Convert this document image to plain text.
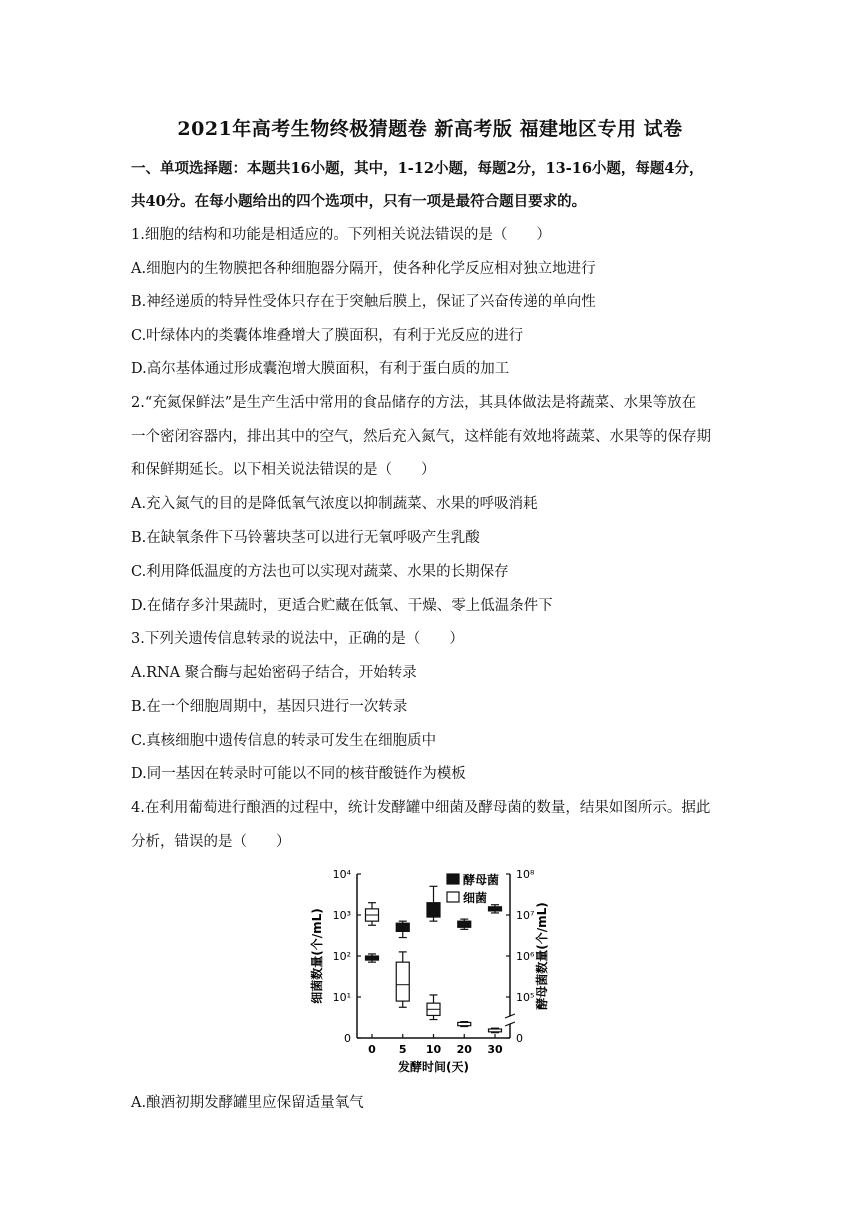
2021年高考生物终极猜题卷 新高考版 福建地区专用 试卷
一、单项选择题：本题共16小题，其中，1-12小题，每题2分，13-16小题，每题4分，
共40分。在每小题给出的四个选项中，只有一项是最符合题目要求的。
1.细胞的结构和功能是相适应的。下列相关说法错误的是（　　）
A.细胞内的生物膜把各种细胞器分隔开，使各种化学反应相对独立地进行
B.神经递质的特异性受体只存在于突触后膜上，保证了兴奋传递的单向性
C.叶绿体内的类囊体堆叠增大了膜面积，有利于光反应的进行
D.高尔基体通过形成囊泡增大膜面积，有利于蛋白质的加工
2.“充氮保鲜法”是生产生活中常用的食品储存的方法，其具体做法是将蔬菜、水果等放在
一个密闭容器内，排出其中的空气，然后充入氮气，这样能有效地将蔬菜、水果等的保存期
和保鲜期延长。以下相关说法错误的是（　　）
A.充入氮气的目的是降低氧气浓度以抑制蔬菜、水果的呼吸消耗
B.在缺氧条件下马铃薯块茎可以进行无氧呼吸产生乳酸
C.利用降低温度的方法也可以实现对蔬菜、水果的长期保存
D.在储存多汁果蔬时，更适合贮藏在低氧、干燥、零上低温条件下
3.下列关遗传信息转录的说法中，正确的是（　　）
A.RNA 聚合酶与起始密码子结合，开始转录
B.在一个细胞周期中，基因只进行一次转录
C.真核细胞中遗传信息的转录可发生在细胞质中
D.同一基因在转录时可能以不同的核苷酸链作为模板
4.在利用葡萄进行酿酒的过程中，统计发酵罐中细菌及酵母菌的数量，结果如图所示。据此
分析，错误的是（　　）
0
10¹
10²
10³
10⁴
0
10⁵
10⁶
10⁷
10⁸
0 5 10 20 30
发酵时间(天)
细菌数量(个/mL)	酵母菌数量(个/mL)
酵母菌
细菌
A.酿酒初期发酵罐里应保留适量氧气
